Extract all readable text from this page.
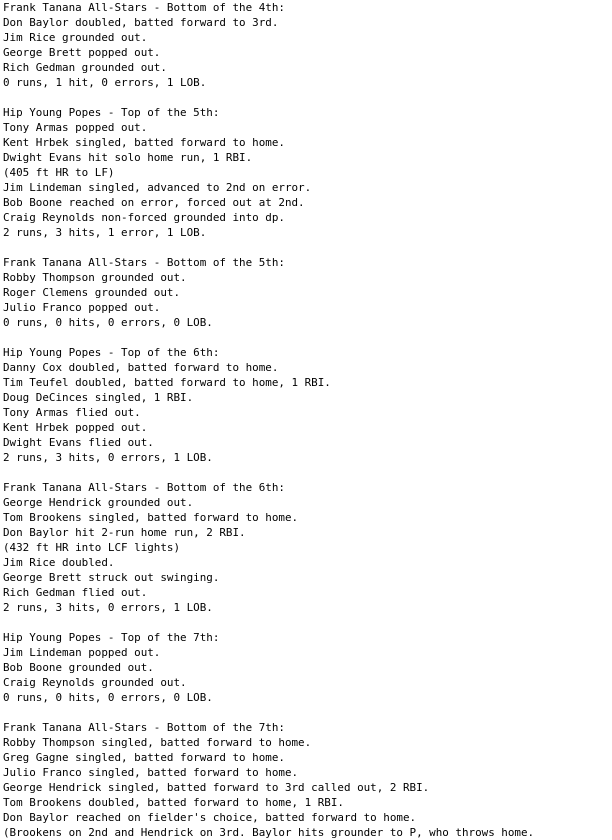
Frank Tanana All-Stars - Bottom of the 4th:
Don Baylor doubled, batted forward to 3rd.
Jim Rice grounded out.
George Brett popped out.
Rich Gedman grounded out.
0 runs, 1 hit, 0 errors, 1 LOB.
Hip Young Popes - Top of the 5th:
Tony Armas popped out.
Kent Hrbek singled, batted forward to home.
Dwight Evans hit solo home run, 1 RBI.
(405 ft HR to LF)
Jim Lindeman singled, advanced to 2nd on error.
Bob Boone reached on error, forced out at 2nd.
Craig Reynolds non-forced grounded into dp.
2 runs, 3 hits, 1 error, 1 LOB.
Frank Tanana All-Stars - Bottom of the 5th:
Robby Thompson grounded out.
Roger Clemens grounded out.
Julio Franco popped out.
0 runs, 0 hits, 0 errors, 0 LOB.
Hip Young Popes - Top of the 6th:
Danny Cox doubled, batted forward to home.
Tim Teufel doubled, batted forward to home, 1 RBI.
Doug DeCinces singled, 1 RBI.
Tony Armas flied out.
Kent Hrbek popped out.
Dwight Evans flied out.
2 runs, 3 hits, 0 errors, 1 LOB.
Frank Tanana All-Stars - Bottom of the 6th:
George Hendrick grounded out.
Tom Brookens singled, batted forward to home.
Don Baylor hit 2-run home run, 2 RBI.
(432 ft HR into LCF lights)
Jim Rice doubled.
George Brett struck out swinging.
Rich Gedman flied out.
2 runs, 3 hits, 0 errors, 1 LOB.
Hip Young Popes - Top of the 7th:
Jim Lindeman popped out.
Bob Boone grounded out.
Craig Reynolds grounded out.
0 runs, 0 hits, 0 errors, 0 LOB.
Frank Tanana All-Stars - Bottom of the 7th:
Robby Thompson singled, batted forward to home.
Greg Gagne singled, batted forward to home.
Julio Franco singled, batted forward to home.
George Hendrick singled, batted forward to 3rd called out, 2 RBI.
Tom Brookens doubled, batted forward to home, 1 RBI.
Don Baylor reached on fielder's choice, batted forward to home.
(Brookens on 2nd and Hendrick on 3rd. Baylor hits grounder to P, who throws home.
